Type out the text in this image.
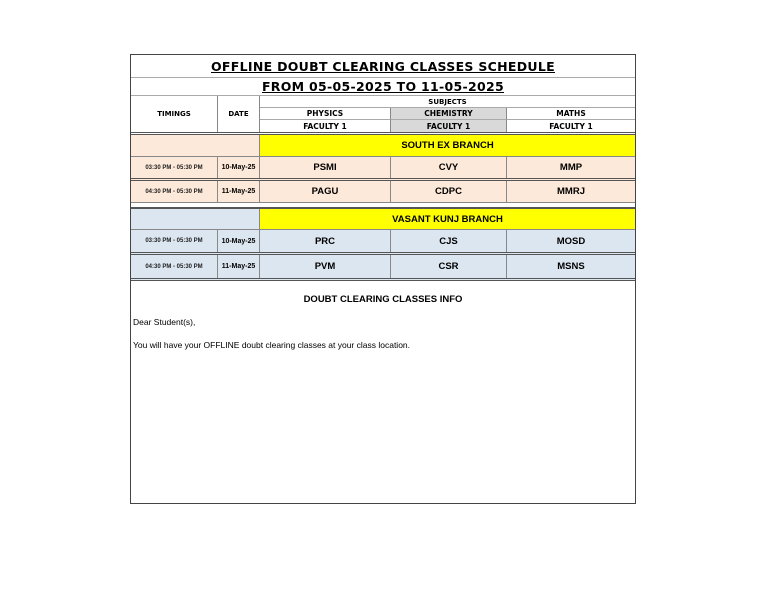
OFFLINE DOUBT CLEARING CLASSES SCHEDULE
FROM 05-05-2025 TO 11-05-2025
TIMINGS	DATE
SUBJECTS
PHYSICS	CHEMISTRY	MATHS
FACULTY 1	FACULTY 1	FACULTY 1
SOUTH EX BRANCH
03:30 PM - 05:30 PM	10-May-25	PSMI	CVY	MMP
04:30 PM - 05:30 PM	11-May-25	PAGU	CDPC	MMRJ
VASANT KUNJ BRANCH
03:30 PM - 05:30 PM	10-May-25	PRC	CJS	MOSD
04:30 PM - 05:30 PM	11-May-25	PVM	CSR	MSNS
DOUBT CLEARING CLASSES INFO
Dear Student(s),
You will have your OFFLINE doubt clearing classes at your class location.
